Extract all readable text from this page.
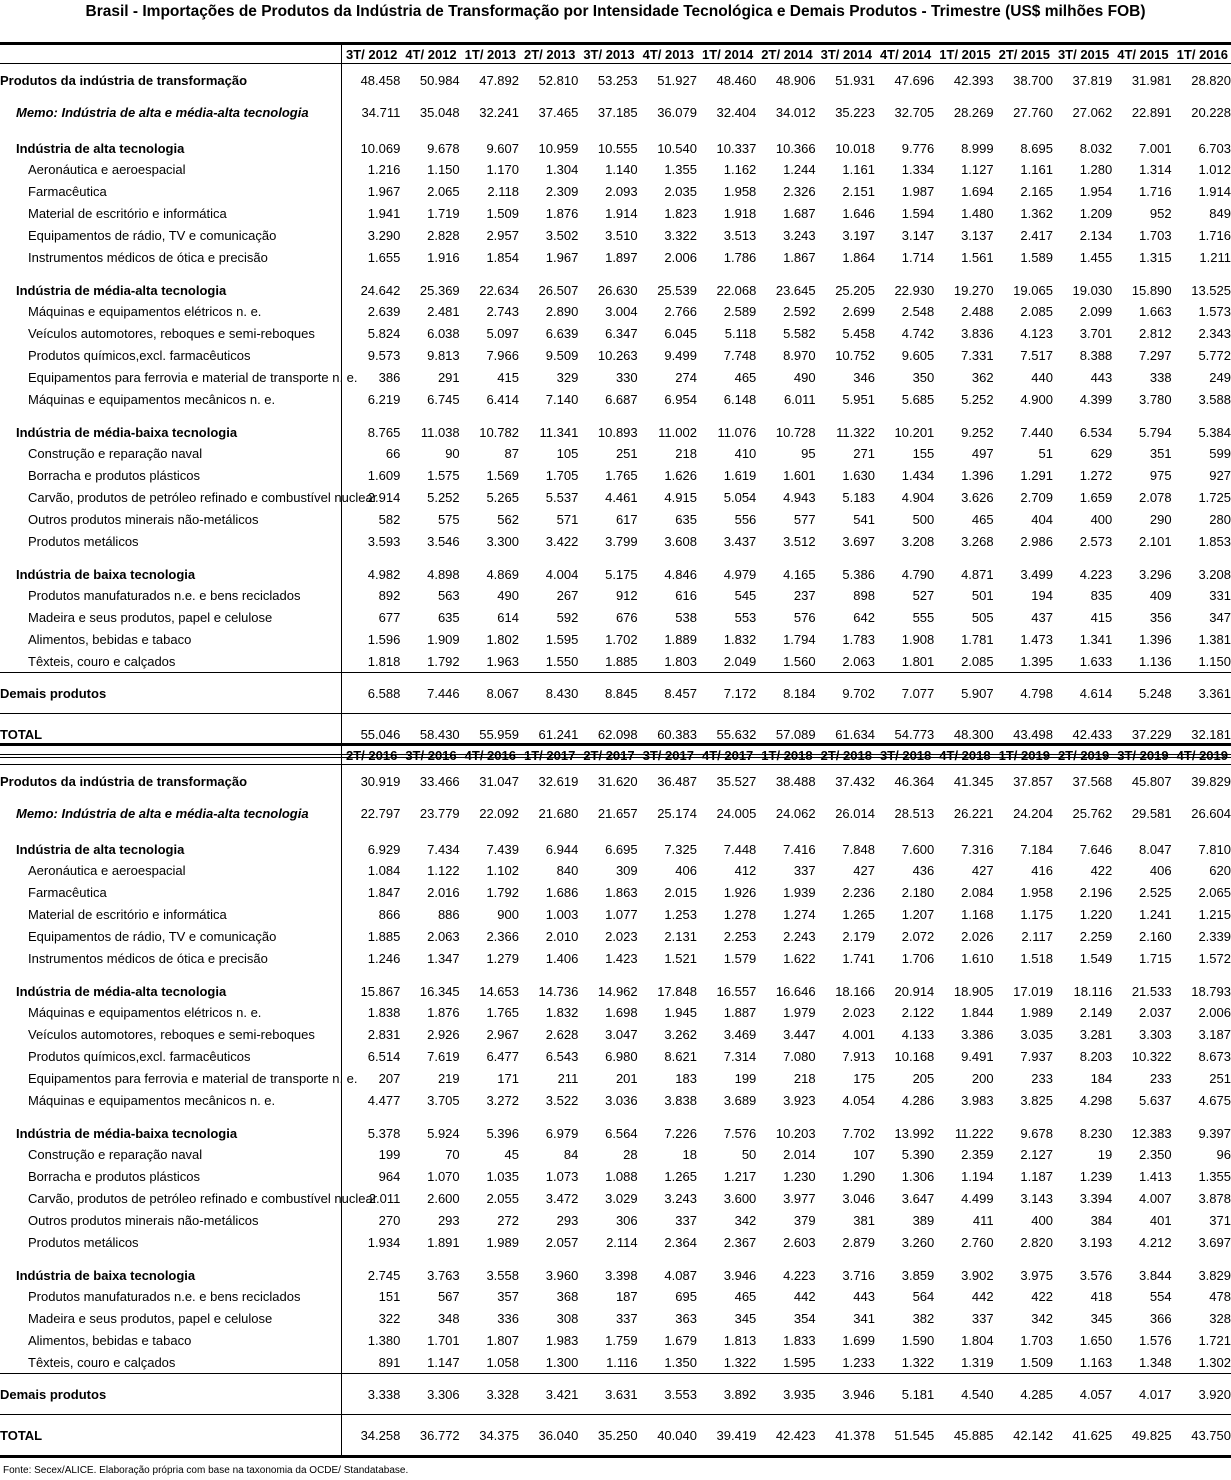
Brasil - Importações de Produtos da Indústria de Transformação por Intensidade Tecnológica e Demais Produtos - Trimestre (US$ milhões FOB)
	3T/ 2012	4T/ 2012	1T/ 2013	2T/ 2013	3T/ 2013	4T/ 2013	1T/ 2014	2T/ 2014	3T/ 2014	4T/ 2014	1T/ 2015	2T/ 2015	3T/ 2015	4T/ 2015	1T/ 2016
Produtos da indústria de transformação	48.458	50.984	47.892	52.810	53.253	51.927	48.460	48.906	51.931	47.696	42.393	38.700	37.819	31.981	28.820
Memo: Indústria de alta e média-alta tecnologia	34.711	35.048	32.241	37.465	37.185	36.079	32.404	34.012	35.223	32.705	28.269	27.760	27.062	22.891	20.228
Indústria de alta tecnologia	10.069	9.678	9.607	10.959	10.555	10.540	10.337	10.366	10.018	9.776	8.999	8.695	8.032	7.001	6.703
Aeronáutica e aeroespacial	1.216	1.150	1.170	1.304	1.140	1.355	1.162	1.244	1.161	1.334	1.127	1.161	1.280	1.314	1.012
Farmacêutica	1.967	2.065	2.118	2.309	2.093	2.035	1.958	2.326	2.151	1.987	1.694	2.165	1.954	1.716	1.914
Material de escritório e informática	1.941	1.719	1.509	1.876	1.914	1.823	1.918	1.687	1.646	1.594	1.480	1.362	1.209	952	849
Equipamentos de rádio, TV e comunicação	3.290	2.828	2.957	3.502	3.510	3.322	3.513	3.243	3.197	3.147	3.137	2.417	2.134	1.703	1.716
Instrumentos médicos de ótica e precisão	1.655	1.916	1.854	1.967	1.897	2.006	1.786	1.867	1.864	1.714	1.561	1.589	1.455	1.315	1.211
Indústria de média-alta tecnologia	24.642	25.369	22.634	26.507	26.630	25.539	22.068	23.645	25.205	22.930	19.270	19.065	19.030	15.890	13.525
Máquinas e equipamentos elétricos n. e.	2.639	2.481	2.743	2.890	3.004	2.766	2.589	2.592	2.699	2.548	2.488	2.085	2.099	1.663	1.573
Veículos automotores, reboques e semi-reboques	5.824	6.038	5.097	6.639	6.347	6.045	5.118	5.582	5.458	4.742	3.836	4.123	3.701	2.812	2.343
Produtos químicos,excl. farmacêuticos	9.573	9.813	7.966	9.509	10.263	9.499	7.748	8.970	10.752	9.605	7.331	7.517	8.388	7.297	5.772
Equipamentos para ferrovia e material de transporte n. e.	386	291	415	329	330	274	465	490	346	350	362	440	443	338	249
Máquinas e equipamentos mecânicos n. e.	6.219	6.745	6.414	7.140	6.687	6.954	6.148	6.011	5.951	5.685	5.252	4.900	4.399	3.780	3.588
Indústria de média-baixa tecnologia	8.765	11.038	10.782	11.341	10.893	11.002	11.076	10.728	11.322	10.201	9.252	7.440	6.534	5.794	5.384
Construção e reparação naval	66	90	87	105	251	218	410	95	271	155	497	51	629	351	599
Borracha e produtos plásticos	1.609	1.575	1.569	1.705	1.765	1.626	1.619	1.601	1.630	1.434	1.396	1.291	1.272	975	927
Carvão, produtos de petróleo refinado e combustível nuclear	2.914	5.252	5.265	5.537	4.461	4.915	5.054	4.943	5.183	4.904	3.626	2.709	1.659	2.078	1.725
Outros produtos minerais não-metálicos	582	575	562	571	617	635	556	577	541	500	465	404	400	290	280
Produtos metálicos	3.593	3.546	3.300	3.422	3.799	3.608	3.437	3.512	3.697	3.208	3.268	2.986	2.573	2.101	1.853
Indústria de baixa tecnologia	4.982	4.898	4.869	4.004	5.175	4.846	4.979	4.165	5.386	4.790	4.871	3.499	4.223	3.296	3.208
Produtos manufaturados n.e. e bens reciclados	892	563	490	267	912	616	545	237	898	527	501	194	835	409	331
Madeira e seus produtos, papel e celulose	677	635	614	592	676	538	553	576	642	555	505	437	415	356	347
Alimentos, bebidas e tabaco	1.596	1.909	1.802	1.595	1.702	1.889	1.832	1.794	1.783	1.908	1.781	1.473	1.341	1.396	1.381
Têxteis, couro e calçados	1.818	1.792	1.963	1.550	1.885	1.803	2.049	1.560	2.063	1.801	2.085	1.395	1.633	1.136	1.150
Demais produtos	6.588	7.446	8.067	8.430	8.845	8.457	7.172	8.184	9.702	7.077	5.907	4.798	4.614	5.248	3.361
TOTAL	55.046	58.430	55.959	61.241	62.098	60.383	55.632	57.089	61.634	54.773	48.300	43.498	42.433	37.229	32.181
	2T/ 2016	3T/ 2016	4T/ 2016	1T/ 2017	2T/ 2017	3T/ 2017	4T/ 2017	1T/ 2018	2T/ 2018	3T/ 2018	4T/ 2018	1T/ 2019	2T/ 2019	3T/ 2019	4T/ 2019
Produtos da indústria de transformação	30.919	33.466	31.047	32.619	31.620	36.487	35.527	38.488	37.432	46.364	41.345	37.857	37.568	45.807	39.829
Memo: Indústria de alta e média-alta tecnologia	22.797	23.779	22.092	21.680	21.657	25.174	24.005	24.062	26.014	28.513	26.221	24.204	25.762	29.581	26.604
Indústria de alta tecnologia	6.929	7.434	7.439	6.944	6.695	7.325	7.448	7.416	7.848	7.600	7.316	7.184	7.646	8.047	7.810
Aeronáutica e aeroespacial	1.084	1.122	1.102	840	309	406	412	337	427	436	427	416	422	406	620
Farmacêutica	1.847	2.016	1.792	1.686	1.863	2.015	1.926	1.939	2.236	2.180	2.084	1.958	2.196	2.525	2.065
Material de escritório e informática	866	886	900	1.003	1.077	1.253	1.278	1.274	1.265	1.207	1.168	1.175	1.220	1.241	1.215
Equipamentos de rádio, TV e comunicação	1.885	2.063	2.366	2.010	2.023	2.131	2.253	2.243	2.179	2.072	2.026	2.117	2.259	2.160	2.339
Instrumentos médicos de ótica e precisão	1.246	1.347	1.279	1.406	1.423	1.521	1.579	1.622	1.741	1.706	1.610	1.518	1.549	1.715	1.572
Indústria de média-alta tecnologia	15.867	16.345	14.653	14.736	14.962	17.848	16.557	16.646	18.166	20.914	18.905	17.019	18.116	21.533	18.793
Máquinas e equipamentos elétricos n. e.	1.838	1.876	1.765	1.832	1.698	1.945	1.887	1.979	2.023	2.122	1.844	1.989	2.149	2.037	2.006
Veículos automotores, reboques e semi-reboques	2.831	2.926	2.967	2.628	3.047	3.262	3.469	3.447	4.001	4.133	3.386	3.035	3.281	3.303	3.187
Produtos químicos,excl. farmacêuticos	6.514	7.619	6.477	6.543	6.980	8.621	7.314	7.080	7.913	10.168	9.491	7.937	8.203	10.322	8.673
Equipamentos para ferrovia e material de transporte n. e.	207	219	171	211	201	183	199	218	175	205	200	233	184	233	251
Máquinas e equipamentos mecânicos n. e.	4.477	3.705	3.272	3.522	3.036	3.838	3.689	3.923	4.054	4.286	3.983	3.825	4.298	5.637	4.675
Indústria de média-baixa tecnologia	5.378	5.924	5.396	6.979	6.564	7.226	7.576	10.203	7.702	13.992	11.222	9.678	8.230	12.383	9.397
Construção e reparação naval	199	70	45	84	28	18	50	2.014	107	5.390	2.359	2.127	19	2.350	96
Borracha e produtos plásticos	964	1.070	1.035	1.073	1.088	1.265	1.217	1.230	1.290	1.306	1.194	1.187	1.239	1.413	1.355
Carvão, produtos de petróleo refinado e combustível nuclear	2.011	2.600	2.055	3.472	3.029	3.243	3.600	3.977	3.046	3.647	4.499	3.143	3.394	4.007	3.878
Outros produtos minerais não-metálicos	270	293	272	293	306	337	342	379	381	389	411	400	384	401	371
Produtos metálicos	1.934	1.891	1.989	2.057	2.114	2.364	2.367	2.603	2.879	3.260	2.760	2.820	3.193	4.212	3.697
Indústria de baixa tecnologia	2.745	3.763	3.558	3.960	3.398	4.087	3.946	4.223	3.716	3.859	3.902	3.975	3.576	3.844	3.829
Produtos manufaturados n.e. e bens reciclados	151	567	357	368	187	695	465	442	443	564	442	422	418	554	478
Madeira e seus produtos, papel e celulose	322	348	336	308	337	363	345	354	341	382	337	342	345	366	328
Alimentos, bebidas e tabaco	1.380	1.701	1.807	1.983	1.759	1.679	1.813	1.833	1.699	1.590	1.804	1.703	1.650	1.576	1.721
Têxteis, couro e calçados	891	1.147	1.058	1.300	1.116	1.350	1.322	1.595	1.233	1.322	1.319	1.509	1.163	1.348	1.302
Demais produtos	3.338	3.306	3.328	3.421	3.631	3.553	3.892	3.935	3.946	5.181	4.540	4.285	4.057	4.017	3.920
TOTAL	34.258	36.772	34.375	36.040	35.250	40.040	39.419	42.423	41.378	51.545	45.885	42.142	41.625	49.825	43.750
Fonte: Secex/ALICE. Elaboração própria com base na taxonomia da OCDE/ Standatabase.
